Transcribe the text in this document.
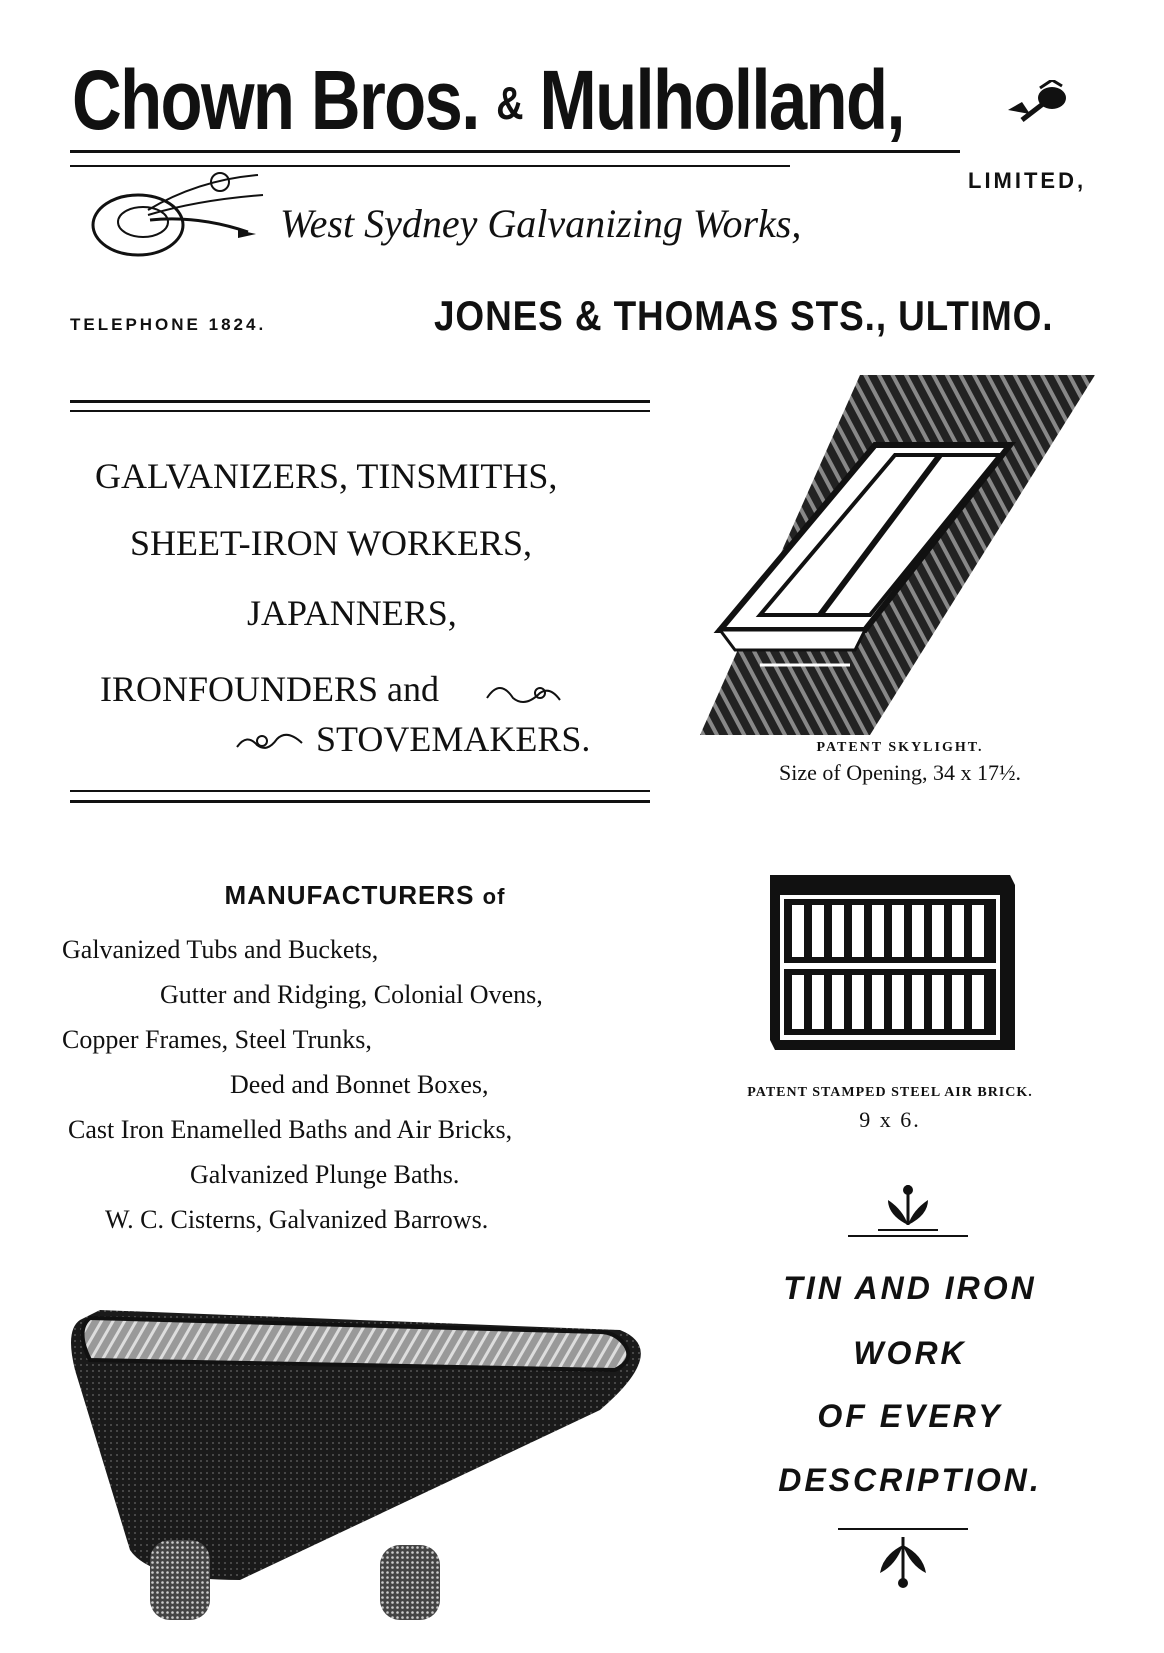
Chown Bros. & Mulholland,
LIMITED,
West Sydney Galvanizing Works,
TELEPHONE 1824.	JONES & THOMAS STS., ULTIMO.
GALVANIZERS, TINSMITHS,
SHEET-IRON WORKERS,
JAPANNERS,
IRONFOUNDERS and
STOVEMAKERS.	PATENT SKYLIGHT.
Size of Opening, 34 x 17½.
MANUFACTURERS of
Galvanized Tubs and Buckets,
Gutter and Ridging, Colonial Ovens,
Copper Frames, Steel Trunks,
Deed and Bonnet Boxes,
Cast Iron Enamelled Baths and Air Bricks,
Galvanized Plunge Baths.
W. C. Cisterns, Galvanized Barrows.
PATENT STAMPED STEEL AIR BRICK.
9 x 6.
TIN AND IRON
WORK
OF EVERY
DESCRIPTION.
